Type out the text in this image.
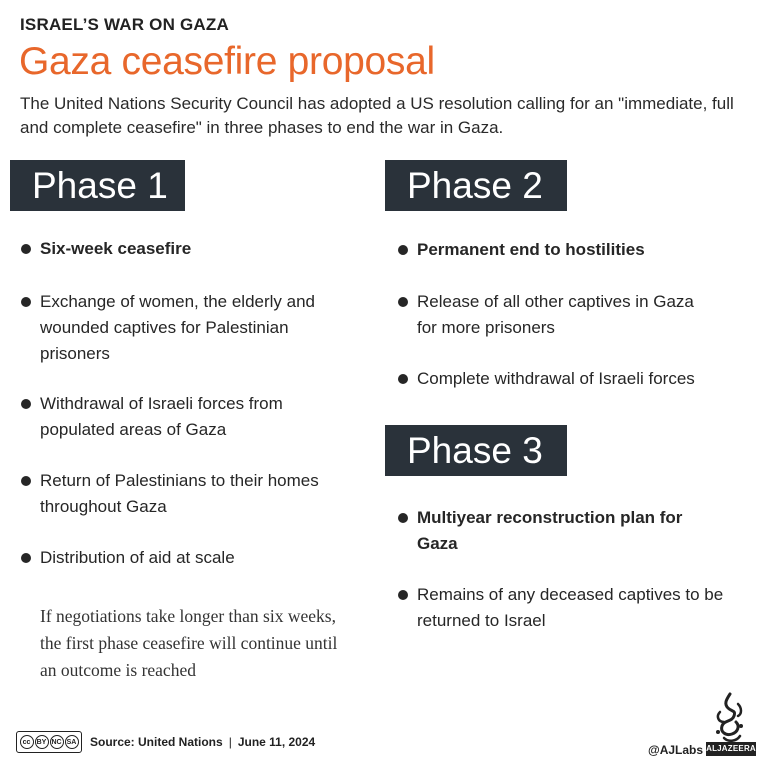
ISRAEL’S WAR ON GAZA
Gaza ceasefire proposal

The United Nations Security Council has adopted a US resolution calling for an "immediate, full and complete ceasefire" in three phases to end the war in Gaza.

Phase 1
Six-week ceasefire
Exchange of women, the elderly and wounded captives for Palestinian prisoners
Withdrawal of Israeli forces from populated areas of Gaza
Return of Palestinians to their homes throughout Gaza
Distribution of aid at scale
Phase 2
Permanent end to hostilities
Release of all other captives in Gaza for more prisoners
Complete withdrawal of Israeli forces
Phase 3
Multiyear reconstruction plan for Gaza
Remains of any deceased captives to be returned to Israel

If negotiations take longer than six weeks, the first phase ceasefire will continue until an outcome is reached

cc BY NC SA Source: United Nations | June 11, 2024
@AJLabs ALJAZEERA
